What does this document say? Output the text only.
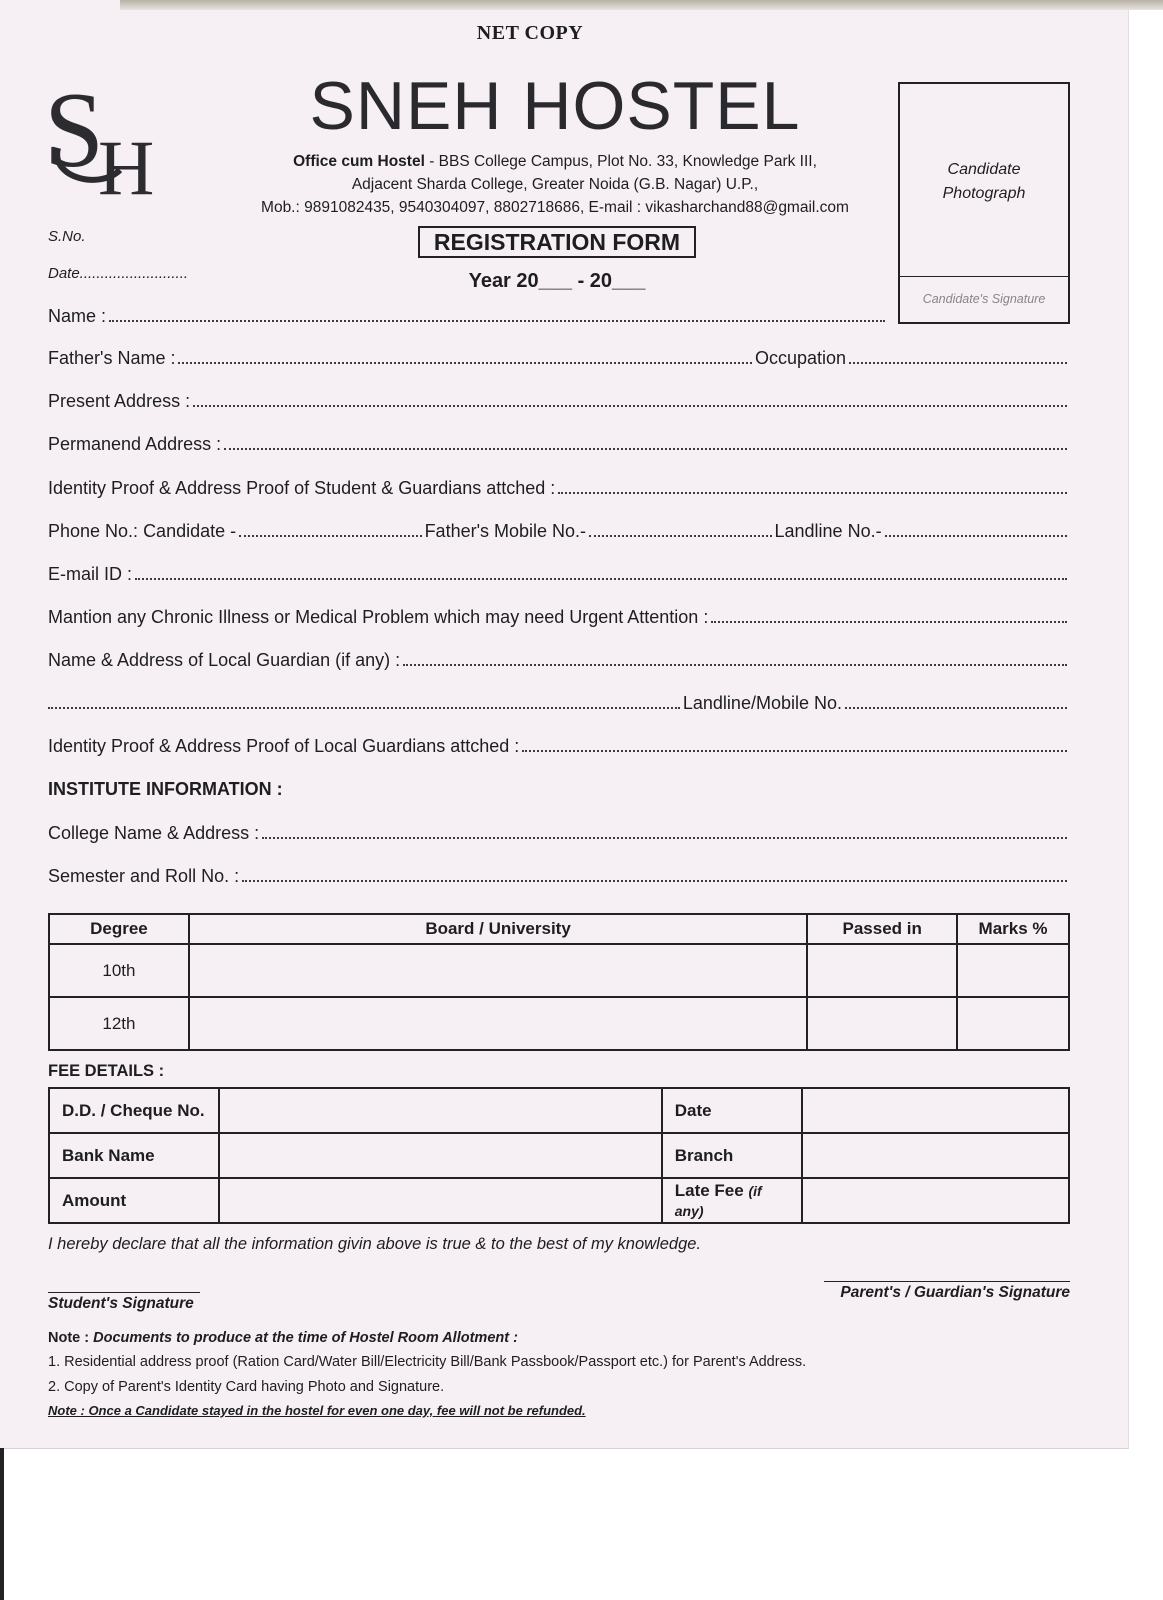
NET COPY
S
H
SNEH HOSTEL
Office cum Hostel - BBS College Campus, Plot No. 33, Knowledge Park III,
Adjacent Sharda College, Greater Noida (G.B. Nagar) U.P.,
Mob.: 9891082435, 9540304097, 8802718686, E-mail : vikasharchand88@gmail.com
S.No.
Date..........................
REGISTRATION FORM
Year 20___ - 20___
Candidate
Photograph
Candidate's Signature
Name :
Father's Name :	Occupation
Present Address :
Permanend Address :
Identity Proof & Address Proof of Student & Guardians attched :
Phone No.: Candidate -	Father's Mobile No.-	Landline No.-
E-mail ID :
Mantion any Chronic Illness or Medical Problem which may need Urgent Attention :
Name & Address of Local Guardian (if any) :
Landline/Mobile No.
Identity Proof & Address Proof of Local Guardians attched :
INSTITUTE INFORMATION :
College Name & Address :
Semester and Roll No. :
Degree	Board / University	Passed in	Marks %
10th			
12th			
FEE DETAILS :
D.D. / Cheque No.		Date	
Bank Name		Branch	
Amount		Late Fee (if any)	
I hereby declare that all the information givin above is true & to the best of my knowledge.
Student's Signature
Parent's / Guardian's Signature
Note : Documents to produce at the time of Hostel Room Allotment :
1. Residential address proof (Ration Card/Water Bill/Electricity Bill/Bank Passbook/Passport etc.) for Parent's Address.
2. Copy of Parent's Identity Card having Photo and Signature.
Note : Once a Candidate stayed in the hostel for even one day, fee will not be refunded.
